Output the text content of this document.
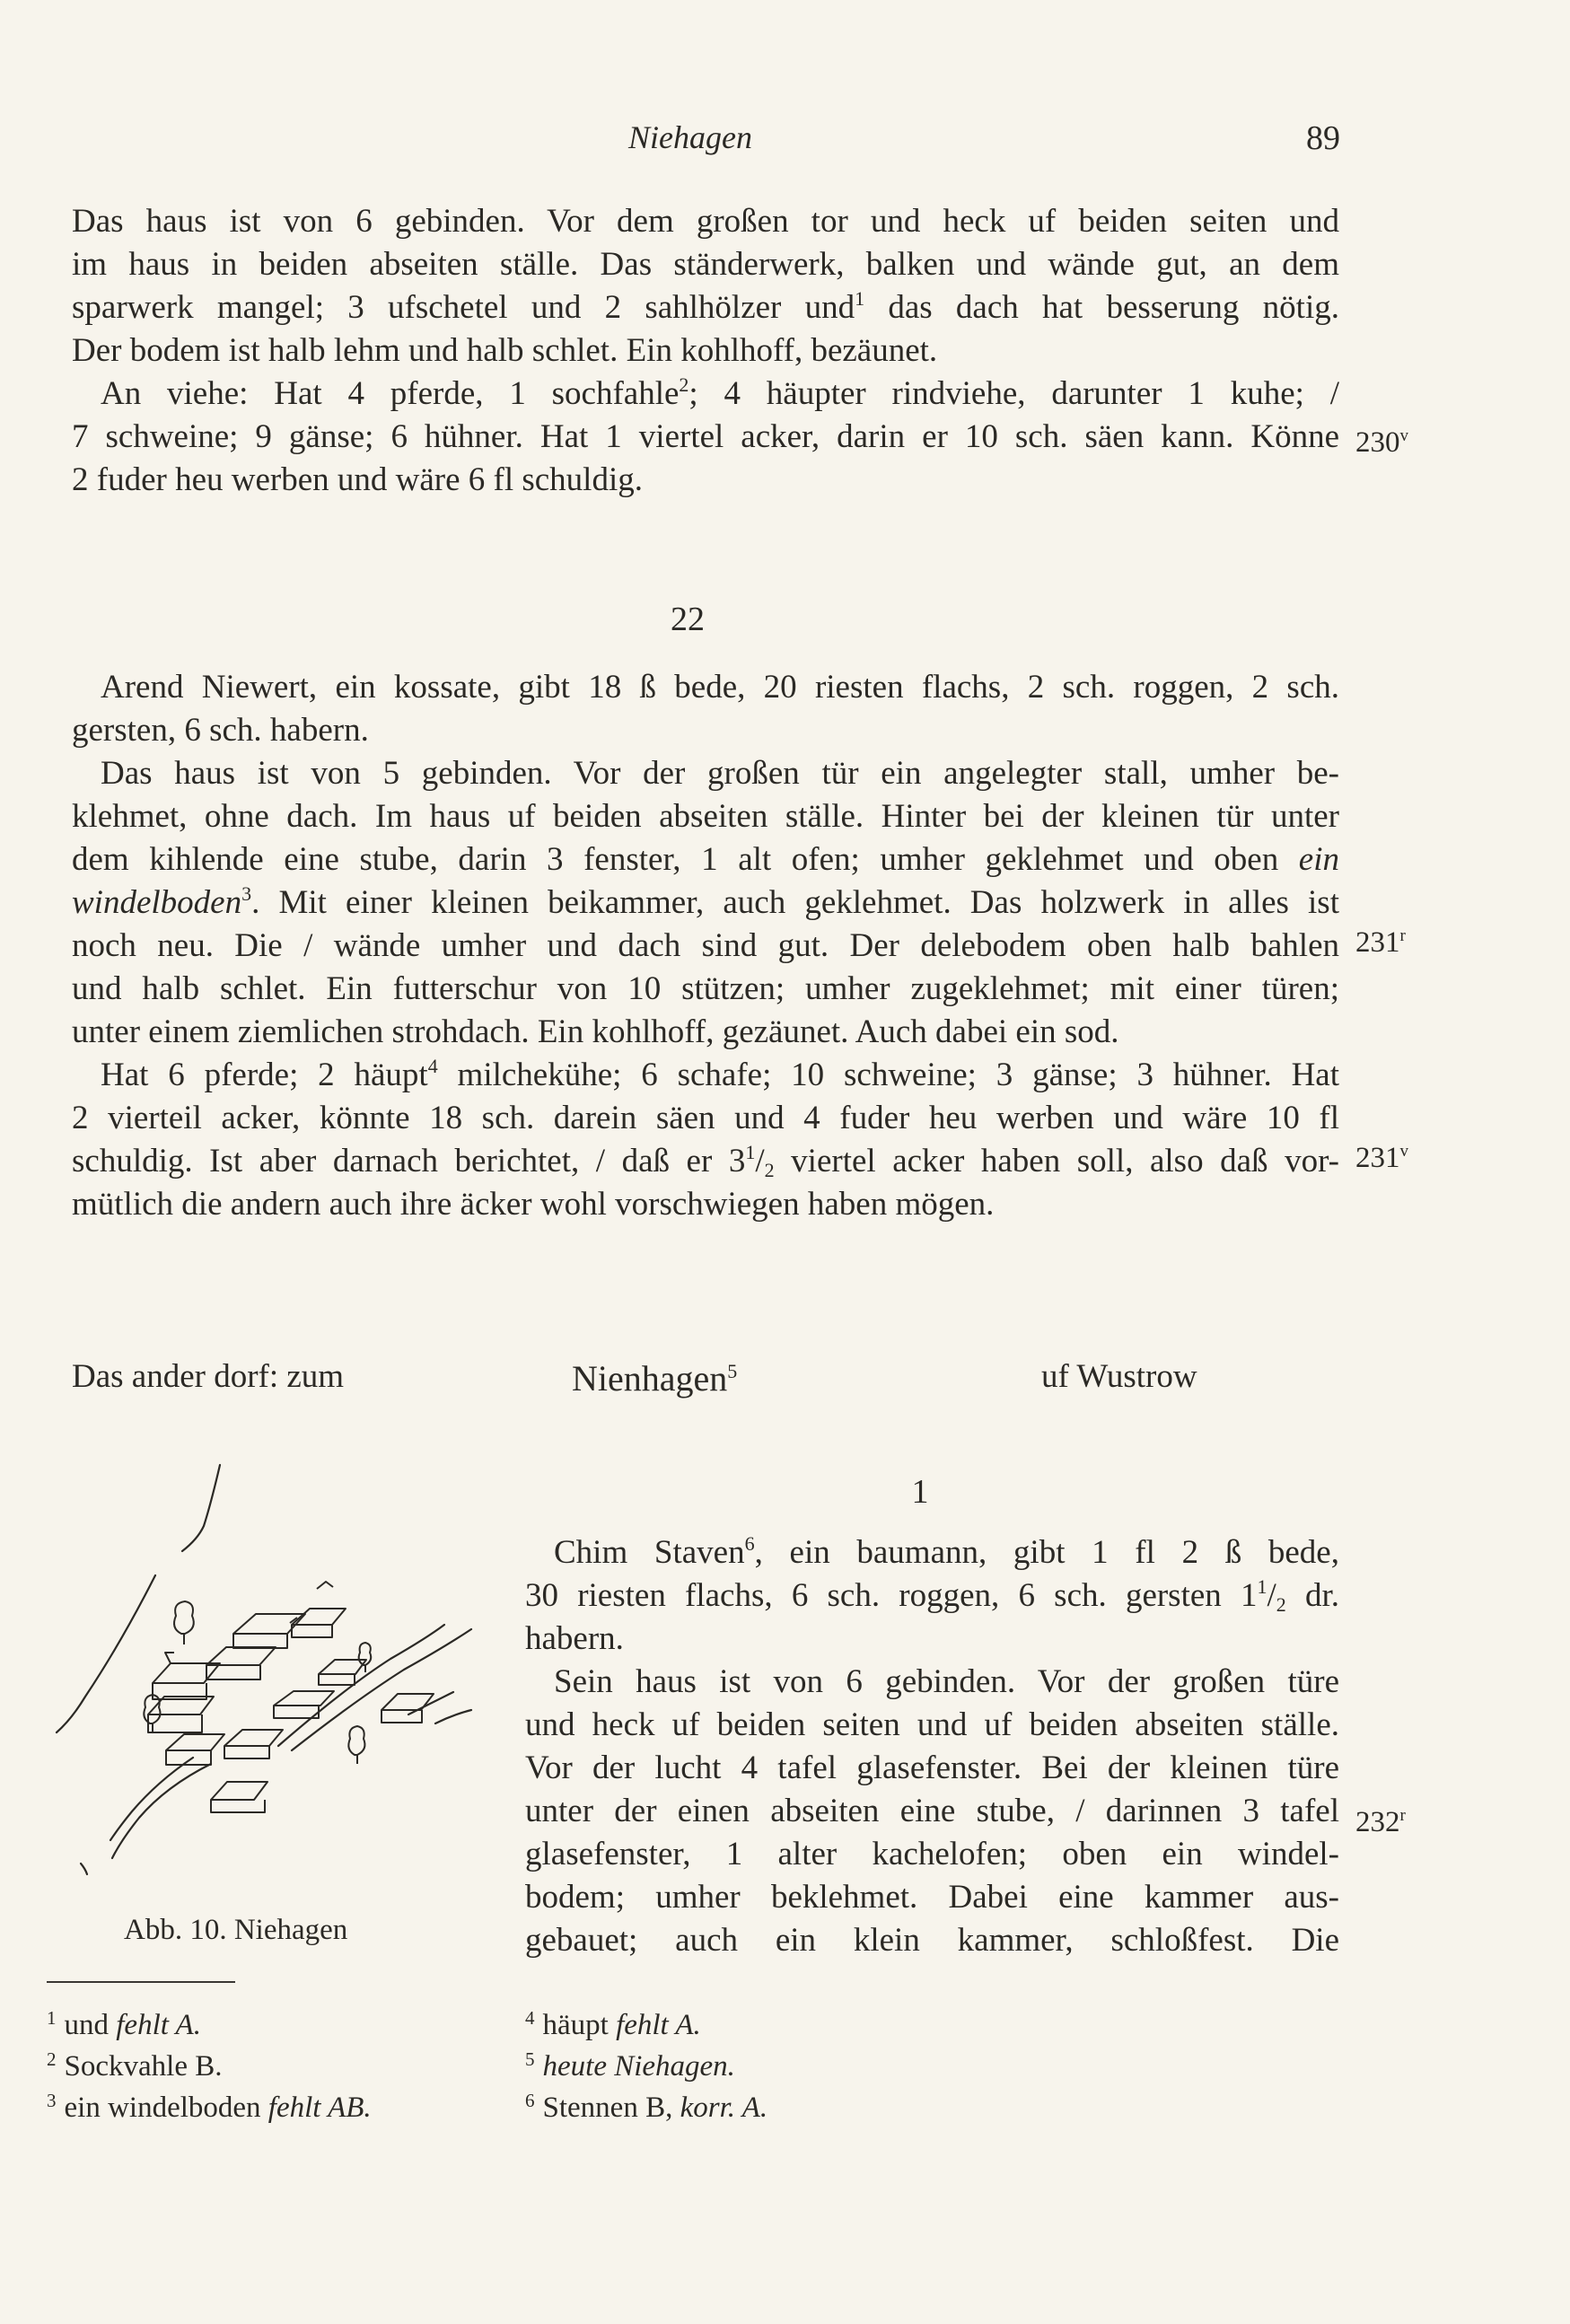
Niehagen	89
Das haus ist von 6 gebinden. Vor dem großen tor und heck uf beiden seiten und
im haus in beiden abseiten ställe. Das ständerwerk, balken und wände gut, an dem
sparwerk mangel; 3 ufschetel und 2 sahlhölzer und$^1$ das dach hat besserung nötig.
Der bodem ist halb lehm und halb schlet. Ein kohlhoff, bezäunet.
An viehe: Hat 4 pferde, 1 sochfahle$^2$; 4 häupter rindviehe, darunter 1 kuhe; /
7 schweine; 9 gänse; 6 hühner. Hat 1 viertel acker, darin er 10 sch. säen kann. Könne
2 fuder heu werben und wäre 6 fl schuldig.
230$^v$
22
Arend Niewert, ein kossate, gibt 18 ß bede, 20 riesten flachs, 2 sch. roggen, 2 sch.
gersten, 6 sch. habern.
Das haus ist von 5 gebinden. Vor der großen tür ein angelegter stall, umher be-
klehmet, ohne dach. Im haus uf beiden abseiten ställe. Hinter bei der kleinen tür unter
dem kihlende eine stube, darin 3 fenster, 1 alt ofen; umher geklehmet und oben ein
windelboden$^3$. Mit einer kleinen beikammer, auch geklehmet. Das holzwerk in alles ist
noch neu. Die / wände umher und dach sind gut. Der delebodem oben halb bahlen
und halb schlet. Ein futterschur von 10 stützen; umher zugeklehmet; mit einer türen;
unter einem ziemlichen strohdach. Ein kohlhoff, gezäunet. Auch dabei ein sod.
Hat 6 pferde; 2 häupt$^4$ milchekühe; 6 schafe; 10 schweine; 3 gänse; 3 hühner. Hat
2 vierteil acker, könnte 18 sch. darein säen und 4 fuder heu werben und wäre 10 fl
schuldig. Ist aber darnach berichtet, / daß er $3^1/_2$ viertel acker haben soll, also daß vor-
mütlich die andern auch ihre äcker wohl vorschwiegen haben mögen.
231$^r$
231$^v$
Das ander dorf: zum	Nienhagen$^5$	uf Wustrow
Abb. 10. Niehagen
1
Chim Staven$^6$, ein baumann, gibt 1 fl 2 ß bede,
30 riesten flachs, 6 sch. roggen, 6 sch. gersten $1^1/_2$ dr.
habern.
Sein haus ist von 6 gebinden. Vor der großen türe
und heck uf beiden seiten und uf beiden abseiten ställe.
Vor der lucht 4 tafel glasefenster. Bei der kleinen türe
unter der einen abseiten eine stube, / darinnen 3 tafel
glasefenster, 1 alter kachelofen; oben ein windel-
bodem; umher beklehmet. Dabei eine kammer aus-
gebauet; auch ein klein kammer, schloßfest. Die
232$^r$
$^1$ und fehlt A.
$^2$ Sockvahle B.
$^3$ ein windelboden fehlt AB.
$^4$ häupt fehlt A.
$^5$ heute Niehagen.
$^6$ Stennen B, korr. A.
